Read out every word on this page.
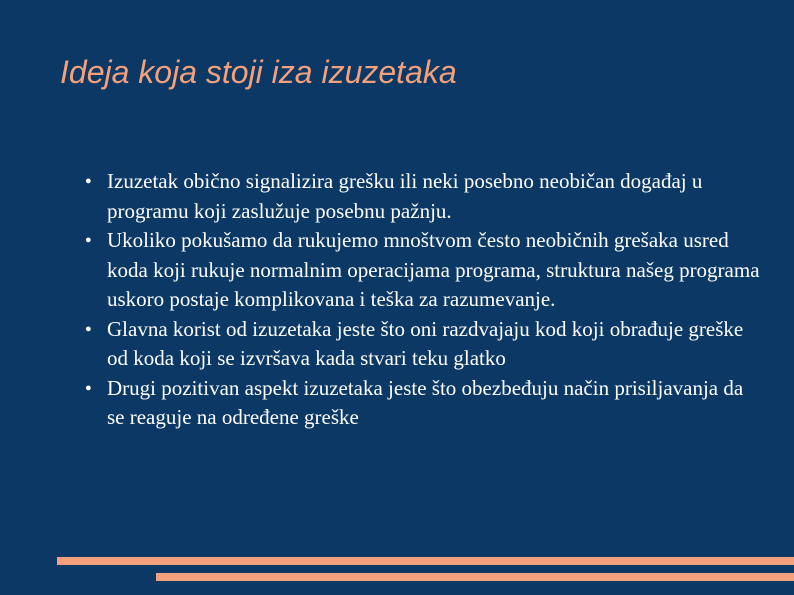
Ideja koja stoji iza izuzetaka
● Izuzetak obično signalizira grešku ili neki posebno neobičan događaj u programu koji zaslužuje posebnu pažnju.
● Ukoliko pokušamo da rukujemo mnoštvom često neobičnih grešaka usred koda koji rukuje normalnim operacijama programa, struktura našeg programa uskoro postaje komplikovana i teška za razumevanje.
● Glavna korist od izuzetaka jeste što oni razdvajaju kod koji obrađuje greške od koda koji se izvršava kada stvari teku glatko
● Drugi pozitivan aspekt izuzetaka jeste što obezbeđuju način prisiljavanja da se reaguje na određene greške
